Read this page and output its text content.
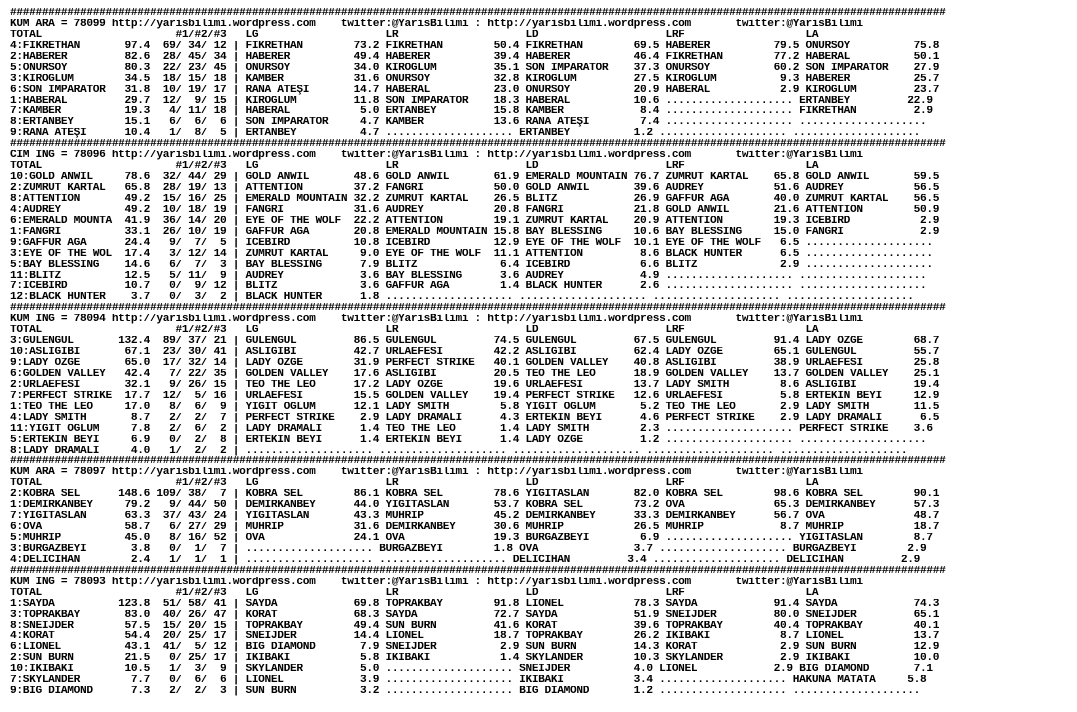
###################################################################################################################################################
KUM ARA = 78099 http://yarisbilimi.wordpress.com    twitter:@YarisBilimi : http://yarisbilimi.wordpress.com       twitter:@YarisBilimi
TOTAL                     #1/#2/#3   LG                    LR                    LD                    LRF                   LA
4:FİKRETHAN       97.4  69/ 34/ 12 | FİKRETHAN        73.2 FİKRETHAN        50.4 FİKRETHAN        69.5 HABERER          79.5 ONURSOY          75.8
2:HABERER         82.6  28/ 45/ 34 | HABERER          49.4 HABERER          39.4 HABERER          46.4 FİKRETHAN        77.2 HABERAL          50.1
5:ONURSOY         80.3  22/ 23/ 45 | ONURSOY          34.0 KIROĞLUM         35.1 SON İMPARATOR    37.3 ONURSOY          60.2 SON İMPARATOR    27.9
3:KIROĞLUM        34.5  18/ 15/ 18 | KAMBER           31.6 ONURSOY          32.8 KIROĞLUM         27.5 KIROĞLUM          9.3 HABERER          25.7
6:SON İMPARATOR   31.8  10/ 19/ 17 | RANA ATEŞİ       14.7 HABERAL          23.0 ONURSOY          20.9 HABERAL           2.9 KIROĞLUM         23.7
1:HABERAL         29.7  12/  9/ 15 | KIROĞLUM         11.8 SON İMPARATOR    18.3 HABERAL          10.6 .................... ERTANBEY         22.9
7:KAMBER          19.3   4/ 11/ 18 | HABERAL           5.0 ERTANBEY         15.8 KAMBER            8.4 .................... FİKRETHAN         2.9
8:ERTANBEY        15.1   6/  6/  6 | SON İMPARATOR     4.7 KAMBER           13.6 RANA ATEŞİ        7.4 .................... ....................
9:RANA ATEŞİ      10.4   1/  8/  5 | ERTANBEY          4.7 .................... ERTANBEY          1.2 .................... ....................
###################################################################################################################################################
CIM ING = 78096 http://yarisbilimi.wordpress.com    twitter:@YarisBilimi : http://yarisbilimi.wordpress.com       twitter:@YarisBilimi
TOTAL                     #1/#2/#3   LG                    LR                    LD                    LRF                   LA
10:GOLD ANWIL     78.6  32/ 44/ 29 | GOLD ANWIL       48.6 GOLD ANWIL       61.9 EMERALD MOUNTAIN 76.7 ZÜMRÜT KARTAL    65.8 GOLD ANWIL       59.5
2:ZÜMRÜT KARTAL   65.8  28/ 19/ 13 | ATTENTION        37.2 FANGRI           50.0 GOLD ANWIL       39.6 AUDREY           51.6 AUDREY           56.5
8:ATTENTION       49.2  15/ 16/ 25 | EMERALD MOUNTAIN 32.2 ZÜMRÜT KARTAL    26.5 BLITZ            26.9 GAFFUR AĞA       40.0 ZÜMRÜT KARTAL    56.5
4:AUDREY          49.2  10/ 18/ 19 | FANGRI           31.6 AUDREY           20.8 FANGRI           21.8 GOLD ANWIL       21.6 ATTENTION        50.9
6:EMERALD MOUNTA  41.9  36/ 14/ 20 | EYE OF THE WOLF  22.2 ATTENTION        19.1 ZÜMRÜT KARTAL    20.9 ATTENTION        19.3 ICEBIRD           2.9
1:FANGRI          33.1  26/ 10/ 19 | GAFFUR AĞA       20.8 EMERALD MOUNTAIN 15.8 BAY BLESSING     10.6 BAY BLESSING     15.0 FANGRI            2.9
9:GAFFUR AĞA      24.4   9/  7/  5 | ICEBIRD          10.8 ICEBIRD          12.9 EYE OF THE WOLF  10.1 EYE OF THE WOLF   6.5 ....................
3:EYE OF THE WOL  17.4   3/ 12/ 14 | ZÜMRÜT KARTAL     9.0 EYE OF THE WOLF  11.1 ATTENTION         8.6 BLACK HUNTER      6.5 ....................
5:BAY BLESSING    14.6   6/  7/  3 | BAY BLESSING      7.9 BLITZ             6.4 ICEBIRD           6.6 BLITZ             2.9 ....................
11:BLITZ          12.5   5/ 11/  9 | AUDREY            3.6 BAY BLESSING      3.6 AUDREY            4.9 .................... ....................
7:ICEBIRD         10.7   0/  9/ 12 | BLITZ             3.6 GAFFUR AĞA        1.4 BLACK HUNTER      2.6 .................... ....................
12:BLACK HUNTER    3.7   0/  3/  2 | BLACK HUNTER      1.8 .................... .................... .................... ....................
###################################################################################################################################################
KUM ING = 78094 http://yarisbilimi.wordpress.com    twitter:@YarisBilimi : http://yarisbilimi.wordpress.com       twitter:@YarisBilimi
TOTAL                     #1/#2/#3   LG                    LR                    LD                    LRF                   LA
3:GÜLENGÜL       132.4  89/ 37/ 21 | GÜLENGÜL         86.5 GÜLENGÜL         74.5 GÜLENGÜL         67.5 GÜLENGÜL         91.4 LADY ÖZGE        68.7
10:ASLIGIBI       67.1  23/ 30/ 41 | ASLIGIBI         42.7 URLAEFESİ        42.2 ASLIGIBI         62.4 LADY ÖZGE        65.1 GÜLENGÜL         55.7
9:LADY ÖZGE       65.0  17/ 32/ 14 | LADY ÖZGE        31.9 PERFECT STRIKE   40.1 GOLDEN VALLEY    40.8 ASLIGIBI         38.9 URLAEFESİ        25.8
6:GOLDEN VALLEY   42.4   7/ 22/ 35 | GOLDEN VALLEY    17.6 ASLIGIBI         20.5 TEO THE LEO      18.9 GOLDEN VALLEY    13.7 GOLDEN VALLEY    25.1
2:URLAEFESİ       32.1   9/ 26/ 15 | TEO THE LEO      17.2 LADY ÖZGE        19.6 URLAEFESİ        13.7 LADY SMITH        8.6 ASLIGIBI         19.4
7:PERFECT STRIKE  17.7  12/  5/ 16 | URLAEFESİ        15.5 GOLDEN VALLEY    19.4 PERFECT STRIKE   12.6 URLAEFESİ         5.8 ERTEKİN BEYİ     12.9
1:TEO THE LEO     17.0   8/  6/  9 | YİĞİT OĞLUM      12.1 LADY SMITH        5.8 YİĞİT OĞLUM       5.2 TEO THE LEO       2.9 LADY SMITH       11.5
4:LADY SMITH       8.7   2/  2/  7 | PERFECT STRIKE    2.9 LADY DRAMALI      4.3 ERTEKİN BEYİ      4.6 PERFECT STRIKE    2.9 LADY DRAMALI      6.5
11:YİĞİT OĞLUM     7.8   2/  6/  2 | LADY DRAMALI      1.4 TEO THE LEO       1.4 LADY SMITH        2.3 .................... PERFECT STRIKE    3.6
5:ERTEKİN BEYİ     6.9   0/  2/  8 | ERTEKİN BEYİ      1.4 ERTEKİN BEYİ      1.4 LADY ÖZGE         1.2 .................... ....................
8:LADY DRAMALI     4.0   1/  2/  2 | .................... .................... .................... .................... ....................
###################################################################################################################################################
KUM ARA = 78097 http://yarisbilimi.wordpress.com    twitter:@YarisBilimi : http://yarisbilimi.wordpress.com       twitter:@YarisBilimi
TOTAL                     #1/#2/#3   LG                    LR                    LD                    LRF                   LA
2:KOBRA SEL      148.6 109/ 38/  7 | KOBRA SEL        86.1 KOBRA SEL        78.6 YİĞİTASLAN       82.0 KOBRA SEL        98.6 KOBRA SEL        90.1
1:DEMİRKANBEY     79.2   9/ 44/ 50 | DEMİRKANBEY      44.0 YİĞİTASLAN       53.7 KOBRA SEL        73.2 OVA              65.3 DEMİRKANBEY      57.3
7:YİĞİTASLAN      63.3  37/ 43/ 24 | YİĞİTASLAN       43.3 MUHRİP           45.2 DEMİRKANBEY      33.3 DEMİRKANBEY      56.7 OVA              48.7
6:OVA             58.7   6/ 27/ 29 | MUHRİP           31.6 DEMİRKANBEY      30.6 MUHRİP           26.5 MUHRİP            8.7 MUHRİP           18.7
5:MUHRİP          45.0   8/ 16/ 52 | OVA              24.1 OVA              19.3 BURGAZBEYİ        6.9 .................... YİĞİTASLAN        8.7
3:BURGAZBEYİ       3.8   0/  1/  7 | .................... BURGAZBEYİ        1.8 OVA               3.7 .................... BURGAZBEYİ        2.9
4:DELİCİHAN        2.4   1/  1/  1 | .................... .................... DELİCİHAN         3.4 .................... DELİCİHAN         2.9
###################################################################################################################################################
KUM ING = 78093 http://yarisbilimi.wordpress.com    twitter:@YarisBilimi : http://yarisbilimi.wordpress.com       twitter:@YarisBilimi
TOTAL                     #1/#2/#3   LG                    LR                    LD                    LRF                   LA
1:SAYDA          123.8  51/ 58/ 41 | SAYDA            69.8 TOPRAKBAY        91.8 LIONEL           78.3 SAYDA            91.4 SAYDA            74.3
3:TOPRAKBAY       83.0  40/ 26/ 47 | KORAT            68.3 SAYDA            72.7 SAYDA            51.9 SNEIJDER         80.0 SNEIJDER         65.1
8:SNEIJDER        57.5  15/ 20/ 15 | TOPRAKBAY        49.4 SUN BURN         41.6 KORAT            39.6 TOPRAKBAY        40.4 TOPRAKBAY        40.1
4:KORAT           54.4  20/ 25/ 17 | SNEIJDER         14.4 LIONEL           18.7 TOPRAKBAY        26.2 İKİBAKİ           8.7 LIONEL           13.7
6:LIONEL          43.1  41/  5/ 12 | BIG DIAMOND       7.9 SNEIJDER          2.9 SUN BURN         14.3 KORAT             2.9 SUN BURN         12.9
2:SUN BURN        21.5   0/ 25/ 17 | İKİBAKİ           5.8 İKİBAKİ           1.4 SKYLANDER        10.3 SKYLANDER         2.9 İKİBAKİ          10.0
10:İKİBAKİ        10.5   1/  3/  9 | SKYLANDER         5.0 .................... SNEIJDER          4.0 LIONEL            2.9 BIG DIAMOND       7.1
7:SKYLANDER        7.7   0/  6/  6 | LIONEL            3.9 .................... İKİBAKİ           3.4 .................... HAKUNA MATATA     5.8
9:BIG DIAMOND      7.3   2/  2/  3 | SUN BURN          3.2 .................... BIG DIAMOND       1.2 .................... ....................
